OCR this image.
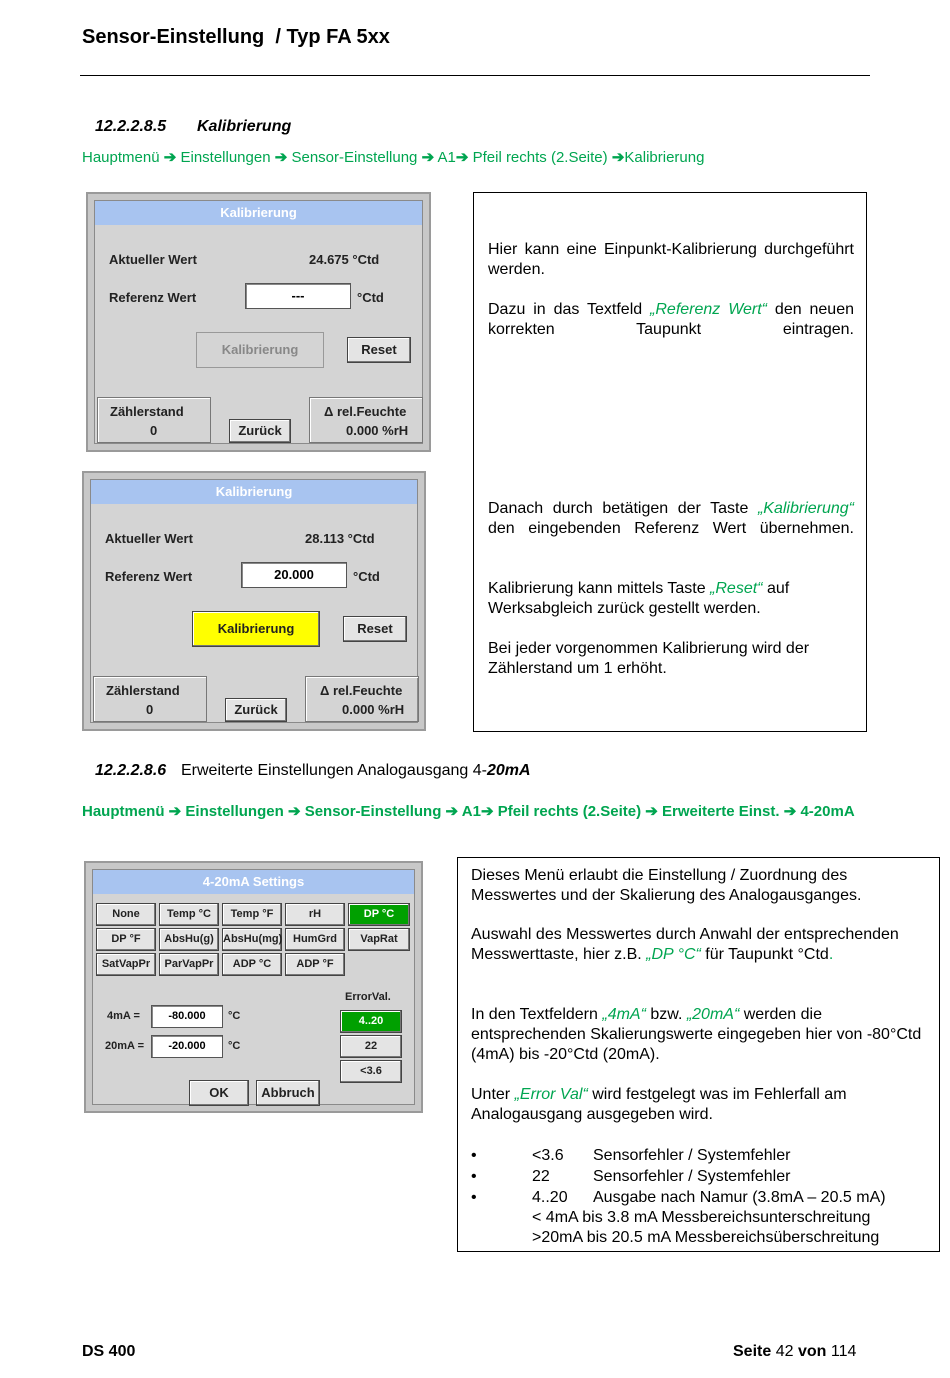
Sensor-Einstellung  / Typ FA 5xx
12.2.2.8.5 Kalibrierung
Hauptmenü ➔ Einstellungen ➔ Sensor-Einstellung ➔ A1➔ Pfeil rechts (2.Seite) ➔Kalibrierung
Kalibrierung
Aktueller Wert	24.675 °Ctd
Referenz Wert	---	°Ctd
Kalibrierung	Reset
Zählerstand
0	Zurück
Δ rel.Feuchte
0.000 %rH
Kalibrierung
Aktueller Wert	28.113 °Ctd
Referenz Wert	20.000	°Ctd
Kalibrierung	Reset
Zählerstand
0	Zurück
Δ rel.Feuchte
0.000 %rH
Hier kann eine Einpunkt-Kalibrierung durchgeführt werden.
Dazu in das Textfeld „Referenz Wert“ den neuen korrekten Taupunkt eintragen.
Danach durch betätigen der Taste „Kalibrierung“ den eingebenden Referenz Wert übernehmen.
Kalibrierung kann mittels Taste „Reset“ auf Werksabgleich zurück gestellt werden.
Bei jeder vorgenommen Kalibrierung wird der Zählerstand um 1 erhöht.
12.2.2.8.6 Erweiterte Einstellungen Analogausgang 4-20mA
Hauptmenü ➔ Einstellungen ➔ Sensor-Einstellung ➔ A1➔ Pfeil rechts (2.Seite) ➔ Erweiterte Einst. ➔ 4-20mA
4-20mA Settings
None	Temp °C	Temp °F	rH	DP °C
DP °F	AbsHu(g) AbsHu(mg) HumGrd	VapRat
SatVapPr	ParVapPr	ADP °C	ADP °F
ErrorVal.
4..20
22
<3.6
4mA =	-80.000	°C
20mA =	-20.000	°C
OK	Abbruch
Dieses Menü erlaubt die Einstellung / Zuordnung des Messwertes und der Skalierung des Analogausganges.
Auswahl des Messwertes durch Anwahl der entsprechenden Messwerttaste, hier z.B. „DP °C“ für Taupunkt °Ctd.
In den Textfeldern „4mA“ bzw. „20mA“ werden die entsprechenden Skalierungswerte eingegeben hier von -80°Ctd (4mA) bis -20°Ctd (20mA).
Unter „Error Val“ wird festgelegt was im Fehlerfall am Analogausgang ausgegeben wird.
•	<3.6 Sensorfehler / Systemfehler
•	22	Sensorfehler / Systemfehler
•	4..20 Ausgabe nach Namur (3.8mA – 20.5 mA)
< 4mA bis 3.8 mA Messbereichsunterschreitung
>20mA bis 20.5 mA Messbereichsüberschreitung
DS 400	Seite 42 von 114
